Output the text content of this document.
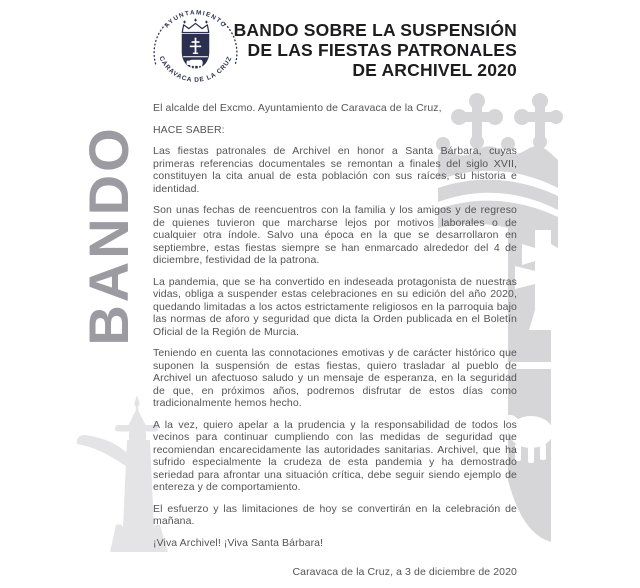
AYUNTAMIENTO
CARAVACA DE LA CRUZ
BANDO SOBRE LA SUSPENSIÓN
DE LAS FIESTAS PATRONALES
DE ARCHIVEL 2020
BANDO

El alcalde del Excmo. Ayuntamiento de Caravaca de la Cruz,

HACE SABER:

Las fiestas patronales de Archivel en honor a Santa Bárbara, cuyas primeras referencias documentales se remontan a finales del siglo XVII, constituyen la cita anual de esta población con sus raíces, su historia e identidad.

Son unas fechas de reencuentros con la familia y los amigos y de regreso de quienes tuvieron que marcharse lejos por motivos laborales o de cualquier otra índole. Salvo una época en la que se desarrollaron en septiembre, estas fiestas siempre se han enmarcado alrededor del 4 de diciembre, festividad de la patrona.

La pandemia, que se ha convertido en indeseada protagonista de nuestras vidas, obliga a suspender estas celebraciones en su edición del año 2020, quedando limitadas a los actos estrictamente religiosos en la parroquia bajo las normas de aforo y seguridad que dicta la Orden publicada en el Boletín Oficial de la Región de Murcia.

Teniendo en cuenta las connotaciones emotivas y de carácter histórico que suponen la suspensión de estas fiestas, quiero trasladar al pueblo de Archivel un afectuoso saludo y un mensaje de esperanza, en la seguridad de que, en próximos años, podremos disfrutar de estos días como tradicionalmente hemos hecho.

A la vez, quiero apelar a la prudencia y la responsabilidad de todos los vecinos para continuar cumpliendo con las medidas de seguridad que recomiendan encarecidamente las autoridades sanitarias. Archivel, que ha sufrido especialmente la crudeza de esta pandemia y ha demostrado seriedad para afrontar una situación crítica, debe seguir siendo ejemplo de entereza y de comportamiento.

El esfuerzo y las limitaciones de hoy se convertirán en la celebración de mañana.

¡Viva Archivel! ¡Viva Santa Bárbara!

Caravaca de la Cruz, a 3 de diciembre de 2020
